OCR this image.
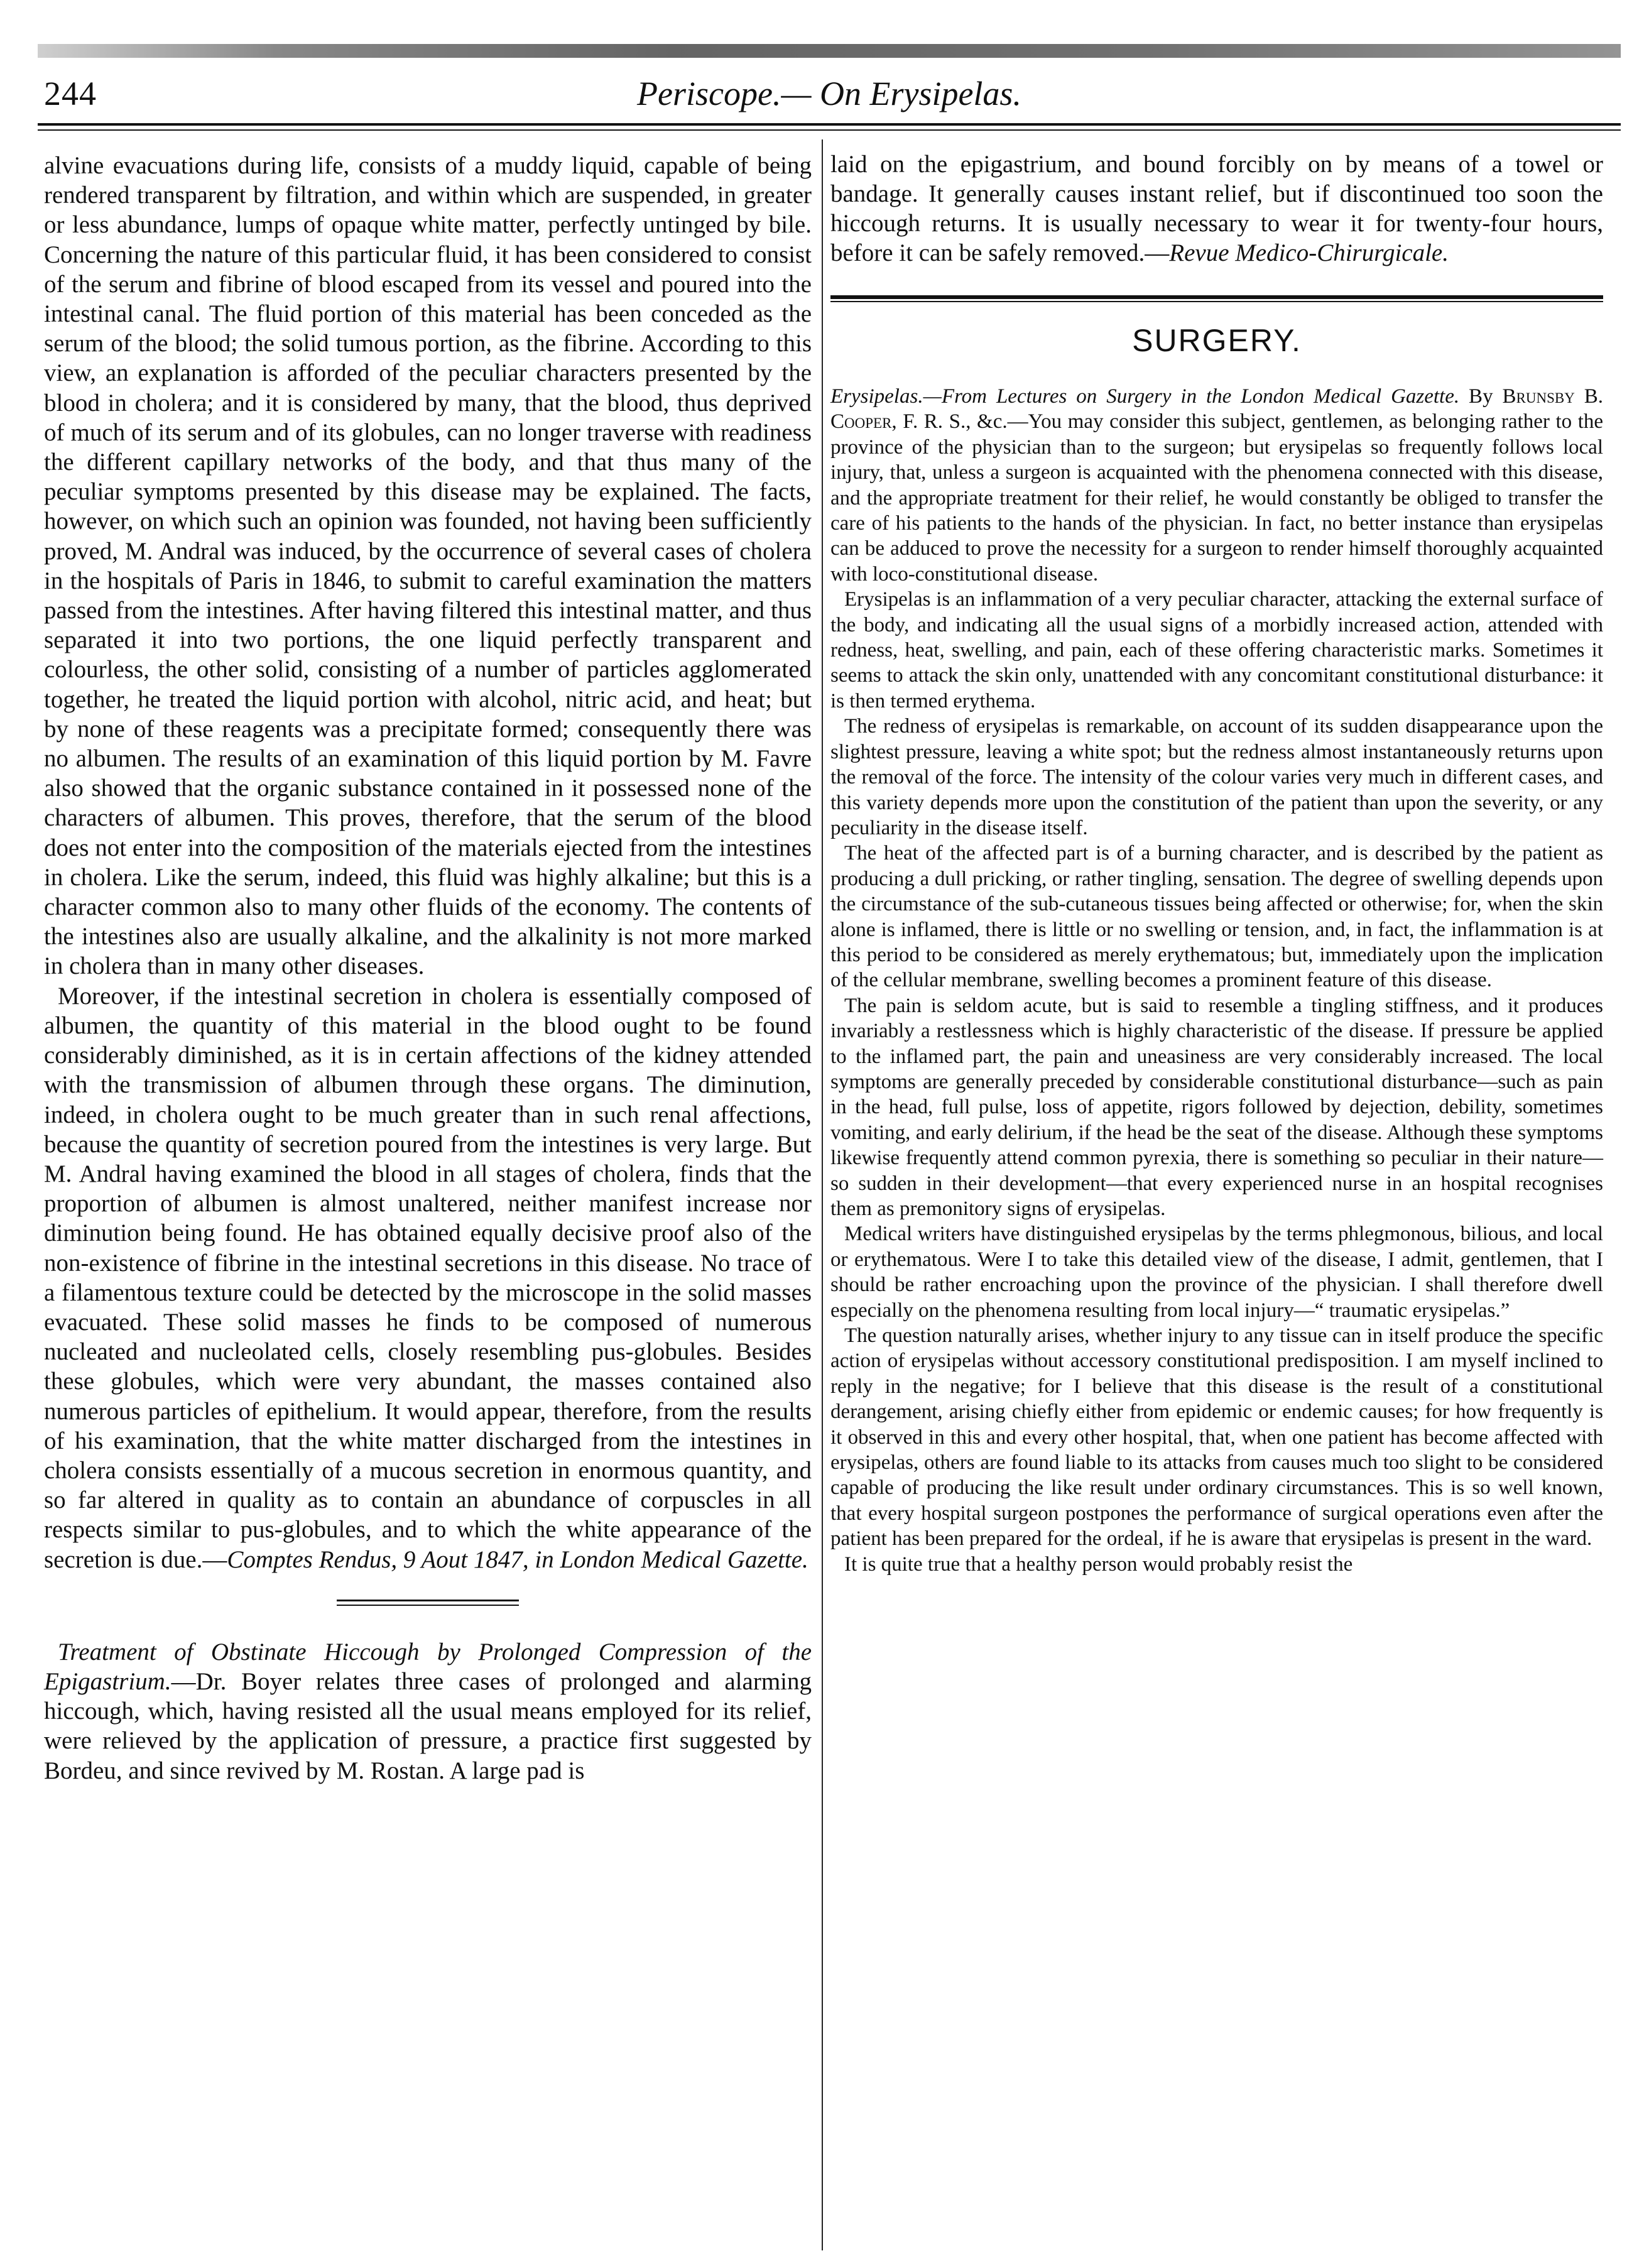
244	Periscope.— On Erysipelas.

alvine evacuations during life, consists of a muddy liquid, capable of being rendered transparent by filtration, and within which are suspended, in greater or less abundance, lumps of opaque white matter, perfectly untinged by bile. Concerning the nature of this particular fluid, it has been considered to consist of the serum and fibrine of blood escaped from its vessel and poured into the intestinal canal. The fluid portion of this material has been conceded as the serum of the blood; the solid tumous portion, as the fibrine. According to this view, an explanation is afforded of the peculiar characters presented by the blood in cholera; and it is considered by many, that the blood, thus deprived of much of its serum and of its globules, can no longer traverse with readiness the different capillary networks of the body, and that thus many of the peculiar symptoms presented by this disease may be explained. The facts, however, on which such an opinion was founded, not having been sufficiently proved, M. Andral was induced, by the occurrence of several cases of cholera in the hospitals of Paris in 1846, to submit to careful examination the matters passed from the intestines. After having filtered this intestinal matter, and thus separated it into two portions, the one liquid perfectly transparent and colourless, the other solid, consisting of a number of particles agglomerated together, he treated the liquid portion with alcohol, nitric acid, and heat; but by none of these reagents was a precipitate formed; consequently there was no albumen. The results of an examination of this liquid portion by M. Favre also showed that the organic substance contained in it possessed none of the characters of albumen. This proves, therefore, that the serum of the blood does not enter into the composition of the materials ejected from the intestines in cholera. Like the serum, indeed, this fluid was highly alkaline; but this is a character common also to many other fluids of the economy. The contents of the intestines also are usually alkaline, and the alkalinity is not more marked in cholera than in many other diseases.

Moreover, if the intestinal secretion in cholera is essentially composed of albumen, the quantity of this material in the blood ought to be found considerably diminished, as it is in certain affections of the kidney attended with the transmission of albumen through these organs. The diminution, indeed, in cholera ought to be much greater than in such renal affections, because the quantity of secretion poured from the intestines is very large. But M. Andral having examined the blood in all stages of cholera, finds that the proportion of albumen is almost unaltered, neither manifest increase nor diminution being found. He has obtained equally decisive proof also of the non-existence of fibrine in the intestinal secretions in this disease. No trace of a filamentous texture could be detected by the microscope in the solid masses evacuated. These solid masses he finds to be composed of numerous nucleated and nucleolated cells, closely resembling pus-globules. Besides these globules, which were very abundant, the masses contained also numerous particles of epithelium. It would appear, therefore, from the results of his examination, that the white matter discharged from the intestines in cholera consists essentially of a mucous secretion in enormous quantity, and so far altered in quality as to contain an abundance of corpuscles in all respects similar to pus-globules, and to which the white appearance of the secretion is due.—Comptes Rendus, 9 Aout 1847, in London Medical Gazette.

Treatment of Obstinate Hiccough by Prolonged Compression of the Epigastrium.—Dr. Boyer relates three cases of prolonged and alarming hiccough, which, having resisted all the usual means employed for its relief, were relieved by the application of pressure, a practice first suggested by Bordeu, and since revived by M. Rostan. A large pad is

laid on the epigastrium, and bound forcibly on by means of a towel or bandage. It generally causes instant relief, but if discontinued too soon the hiccough returns. It is usually necessary to wear it for twenty-four hours, before it can be safely removed.—Revue Medico-Chirurgicale.

SURGERY.

Erysipelas.—From Lectures on Surgery in the London Medical Gazette. By Brunsby B. Cooper, F. R. S., &c.—You may consider this subject, gentlemen, as belonging rather to the province of the physician than to the surgeon; but erysipelas so frequently follows local injury, that, unless a surgeon is acquainted with the phenomena connected with this disease, and the appropriate treatment for their relief, he would constantly be obliged to transfer the care of his patients to the hands of the physician. In fact, no better instance than erysipelas can be adduced to prove the necessity for a surgeon to render himself thoroughly acquainted with loco-constitutional disease.

Erysipelas is an inflammation of a very peculiar character, attacking the external surface of the body, and indicating all the usual signs of a morbidly increased action, attended with redness, heat, swelling, and pain, each of these offering characteristic marks. Sometimes it seems to attack the skin only, unattended with any concomitant constitutional disturbance: it is then termed erythema.

The redness of erysipelas is remarkable, on account of its sudden disappearance upon the slightest pressure, leaving a white spot; but the redness almost instantaneously returns upon the removal of the force. The intensity of the colour varies very much in different cases, and this variety depends more upon the constitution of the patient than upon the severity, or any peculiarity in the disease itself.

The heat of the affected part is of a burning character, and is described by the patient as producing a dull pricking, or rather tingling, sensation. The degree of swelling depends upon the circumstance of the sub-cutaneous tissues being affected or otherwise; for, when the skin alone is inflamed, there is little or no swelling or tension, and, in fact, the inflammation is at this period to be considered as merely erythematous; but, immediately upon the implication of the cellular membrane, swelling becomes a prominent feature of this disease.

The pain is seldom acute, but is said to resemble a tingling stiffness, and it produces invariably a restlessness which is highly characteristic of the disease. If pressure be applied to the inflamed part, the pain and uneasiness are very considerably increased. The local symptoms are generally preceded by considerable constitutional disturbance—such as pain in the head, full pulse, loss of appetite, rigors followed by dejection, debility, sometimes vomiting, and early delirium, if the head be the seat of the disease. Although these symptoms likewise frequently attend common pyrexia, there is something so peculiar in their nature—so sudden in their development—that every experienced nurse in an hospital recognises them as premonitory signs of erysipelas.

Medical writers have distinguished erysipelas by the terms phlegmonous, bilious, and local or erythematous. Were I to take this detailed view of the disease, I admit, gentlemen, that I should be rather encroaching upon the province of the physician. I shall therefore dwell especially on the phenomena resulting from local injury—“ traumatic erysipelas.”

The question naturally arises, whether injury to any tissue can in itself produce the specific action of erysipelas without accessory constitutional predisposition. I am myself inclined to reply in the negative; for I believe that this disease is the result of a constitutional derangement, arising chiefly either from epidemic or endemic causes; for how frequently is it observed in this and every other hospital, that, when one patient has become affected with erysipelas, others are found liable to its attacks from causes much too slight to be considered capable of producing the like result under ordinary circumstances. This is so well known, that every hospital surgeon postpones the performance of surgical operations even after the patient has been prepared for the ordeal, if he is aware that erysipelas is present in the ward.

It is quite true that a healthy person would probably resist the
